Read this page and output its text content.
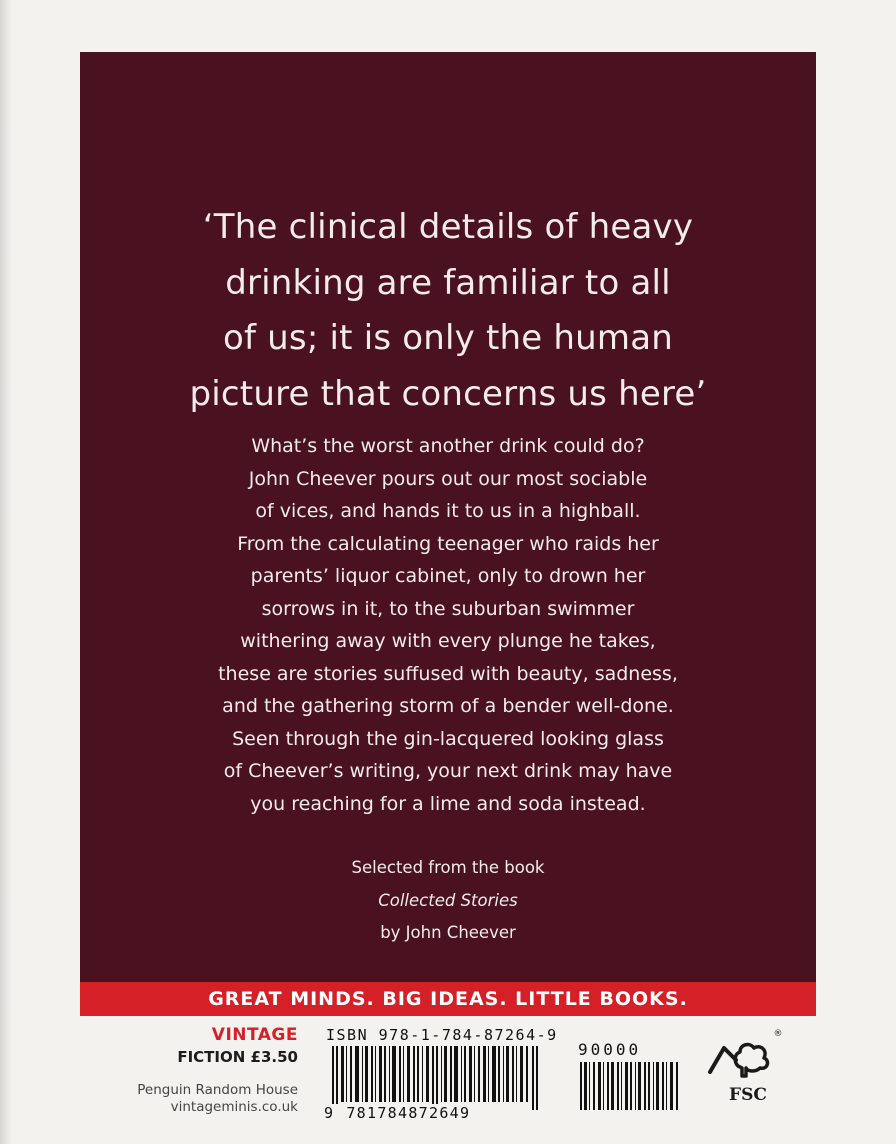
‘The clinical details of heavy
drinking are familiar to all
of us; it is only the human
picture that concerns us here’

What’s the worst another drink could do?
John Cheever pours out our most sociable
of vices, and hands it to us in a highball.
From the calculating teenager who raids her
parents’ liquor cabinet, only to drown her
sorrows in it, to the suburban swimmer
withering away with every plunge he takes,
these are stories suffused with beauty, sadness,
and the gathering storm of a bender well-done.
Seen through the gin-lacquered looking glass
of Cheever’s writing, your next drink may have
you reaching for a lime and soda instead.

Selected from the book
Collected Stories
by John Cheever
GREAT MINDS. BIG IDEAS. LITTLE BOOKS.
VINTAGE
FICTION £3.50
Penguin Random House
vintageminis.co.uk
ISBN 978-1-784-87264-9
90000
9 781784872649
FSC
®
